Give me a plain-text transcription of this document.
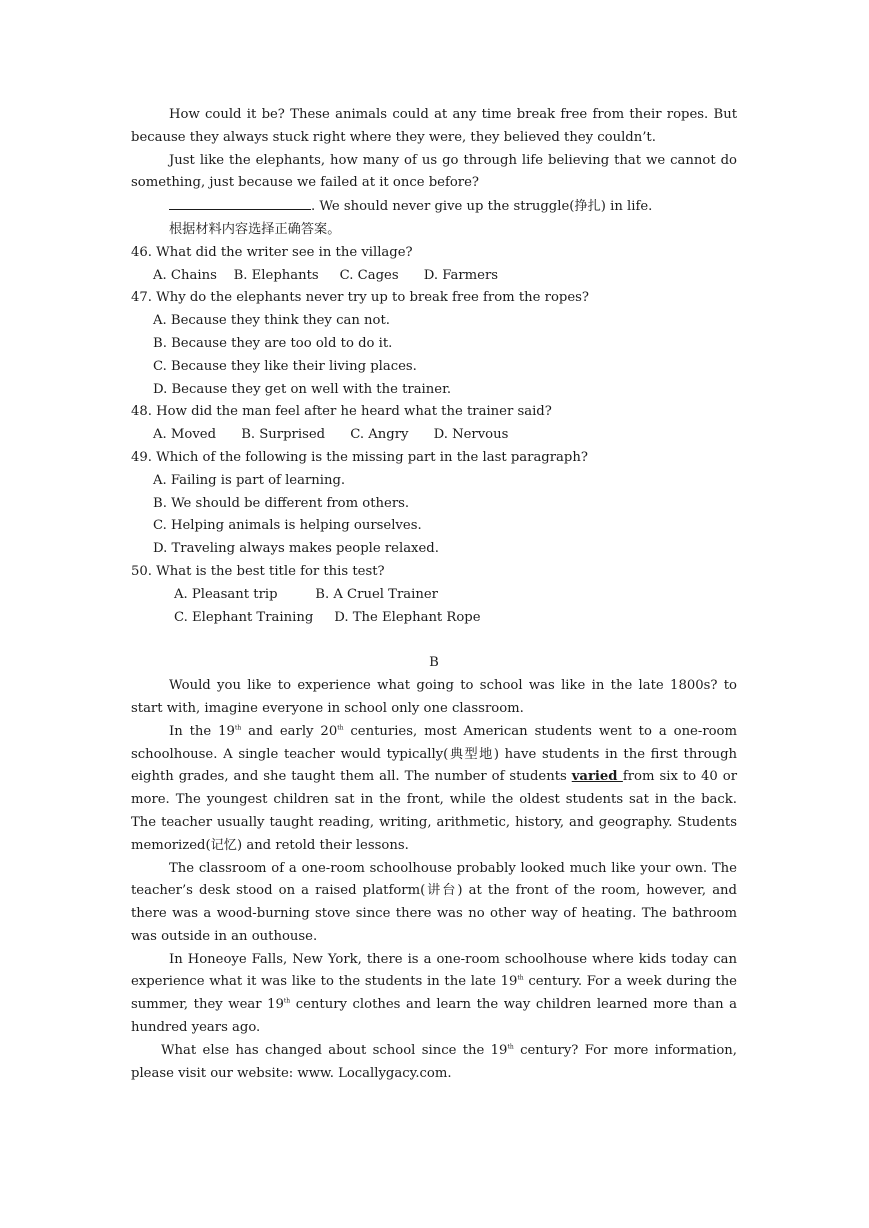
How could it be? These animals could at any time break free from their ropes. But because they always stuck right where they were, they believed they couldn’t.

Just like the elephants, how many of us go through life believing that we cannot do something, just because we failed at it once before?

. We should never give up the struggle(挣扎) in life.

根据材料内容选择正确答案。

46. What did the writer see in the village?
A. Chains    B. Elephants     C. Cages      D. Farmers
47. Why do the elephants never try up to break free from the ropes?
A. Because they think they can not.
B. Because they are too old to do it.
C. Because they like their living places.
D. Because they get on well with the trainer.
48. How did the man feel after he heard what the trainer said?
A. Moved      B. Surprised      C. Angry      D. Nervous
49. Which of the following is the missing part in the last paragraph?
A. Failing is part of learning.
B. We should be different from others.
C. Helping animals is helping ourselves.
D. Traveling always makes people relaxed.
50. What is the best title for this test?
A. Pleasant trip         B. A Cruel Trainer
C. Elephant Training     D. The Elephant Rope
B

Would you like to experience what going to school was like in the late 1800s? to start with, imagine everyone in school only one classroom.

In the 19th and early 20th centuries, most American students went to a one-room schoolhouse. A single teacher would typically(典型地) have students in the first through eighth grades, and she taught them all. The number of students varied from six to 40 or more. The youngest children sat in the front, while the oldest students sat in the back. The teacher usually taught reading, writing, arithmetic, history, and geography. Students memorized(记忆) and retold their lessons.

The classroom of a one-room schoolhouse probably looked much like your own. The teacher’s desk stood on a raised platform(讲台) at the front of the room, however, and there was a wood-burning stove since there was no other way of heating. The bathroom was outside in an outhouse.

In Honeoye Falls, New York, there is a one-room schoolhouse where kids today can experience what it was like to the students in the late 19th century. For a week during the summer, they wear 19th century clothes and learn the way children learned more than a hundred years ago.

What else has changed about school since the 19th century? For more information, please visit our website: www. Locallygacy.com.
